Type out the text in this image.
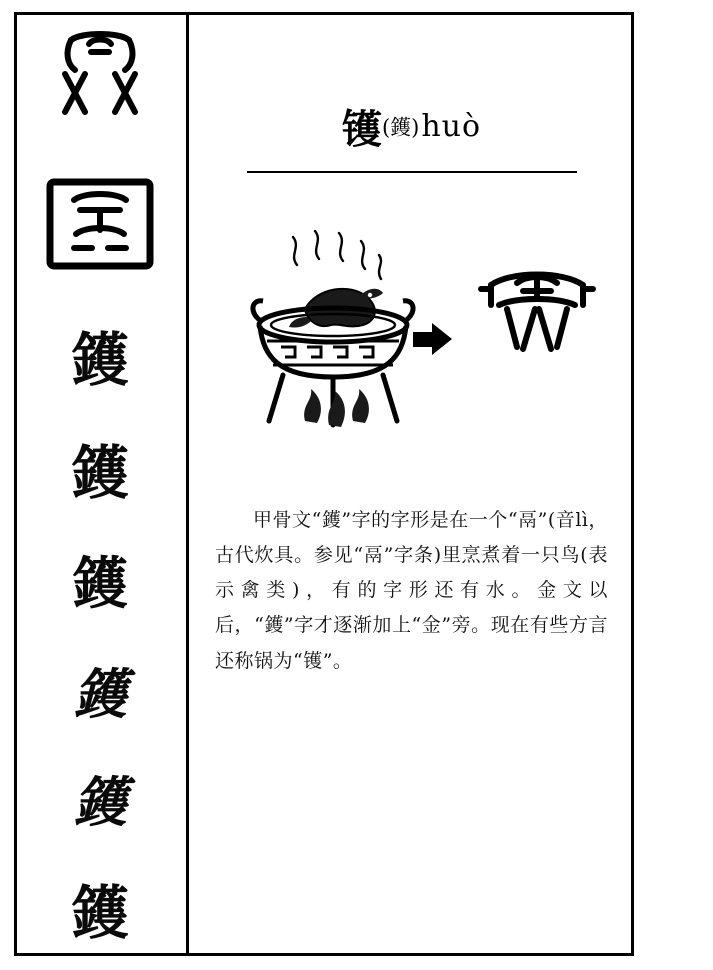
鑊
鑊
鑊
鑊
鑊
鑊
镬(鑊)huò
甲骨文“鑊”字的字形是在一个“鬲”(音lì，古代炊具。参见“鬲”字条)里烹煮着一只鸟(表示禽类)，有的字形还有水。金文以后，“鑊”字才逐渐加上“金”旁。现在有些方言还称锅为“镬”。
